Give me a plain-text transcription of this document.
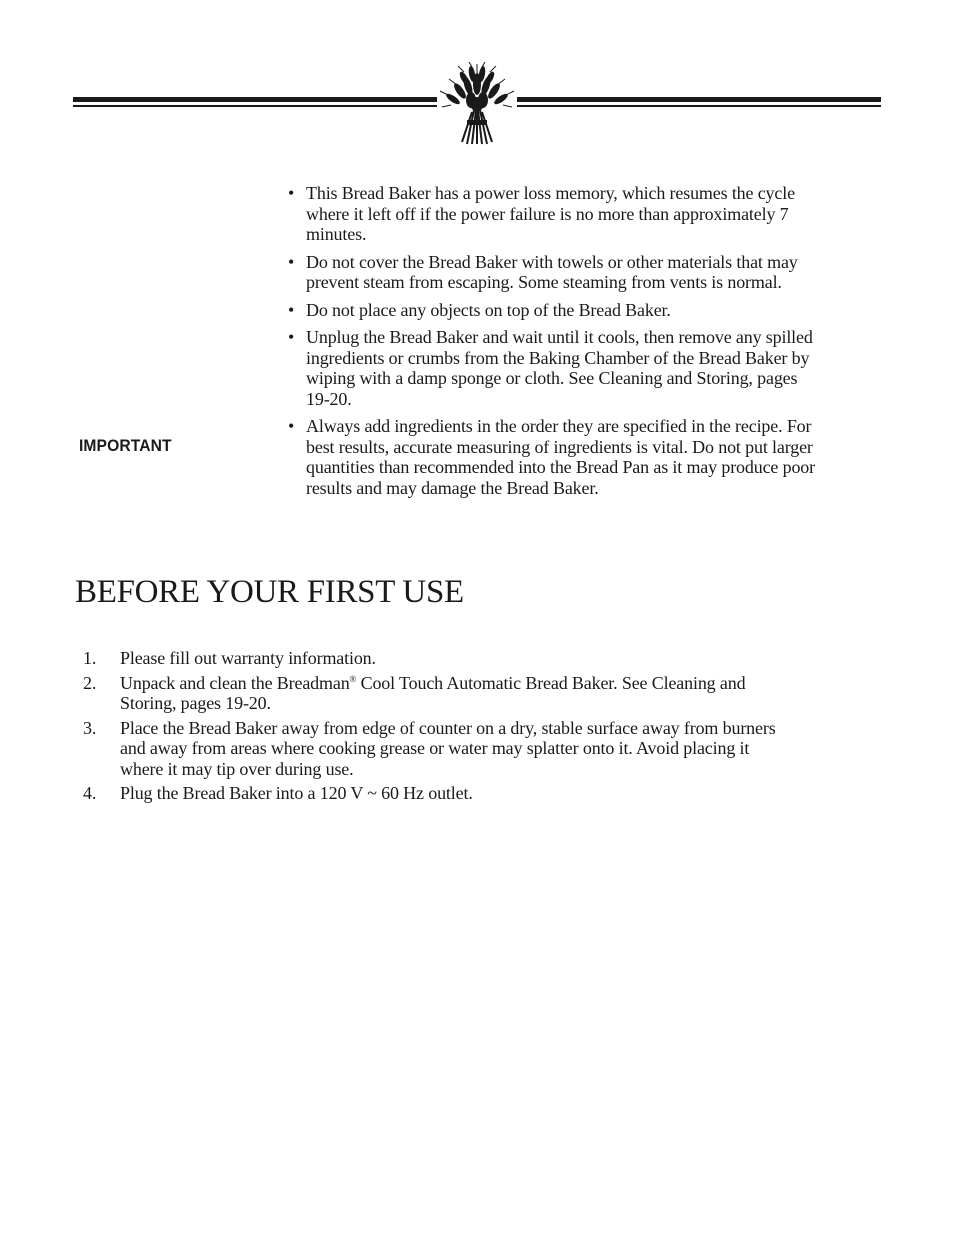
IMPORTANT
• This Bread Baker has a power loss memory, which resumes the cycle where it left off if the power failure is no more than approximately 7 minutes.
• Do not cover the Bread Baker with towels or other materials that may prevent steam from escaping. Some steaming from vents is normal.
• Do not place any objects on top of the Bread Baker.
• Unplug the Bread Baker and wait until it cools, then remove any spilled ingredients or crumbs from the Baking Chamber of the Bread Baker by wiping with a damp sponge or cloth. See Cleaning and Storing, pages 19-20.
• Always add ingredients in the order they are specified in the recipe. For best results, accurate measuring of ingredients is vital. Do not put larger quantities than recommended into the Bread Pan as it may produce poor results and may damage the Bread Baker.
BEFORE YOUR FIRST USE
1. Please fill out warranty information.
2. Unpack and clean the Breadman® Cool Touch Automatic Bread Baker. See Cleaning and Storing, pages 19-20.
3. Place the Bread Baker away from edge of counter on a dry, stable surface away from burners and away from areas where cooking grease or water may splatter onto it. Avoid placing it where it may tip over during use.
4. Plug the Bread Baker into a 120 V ~ 60 Hz outlet.
